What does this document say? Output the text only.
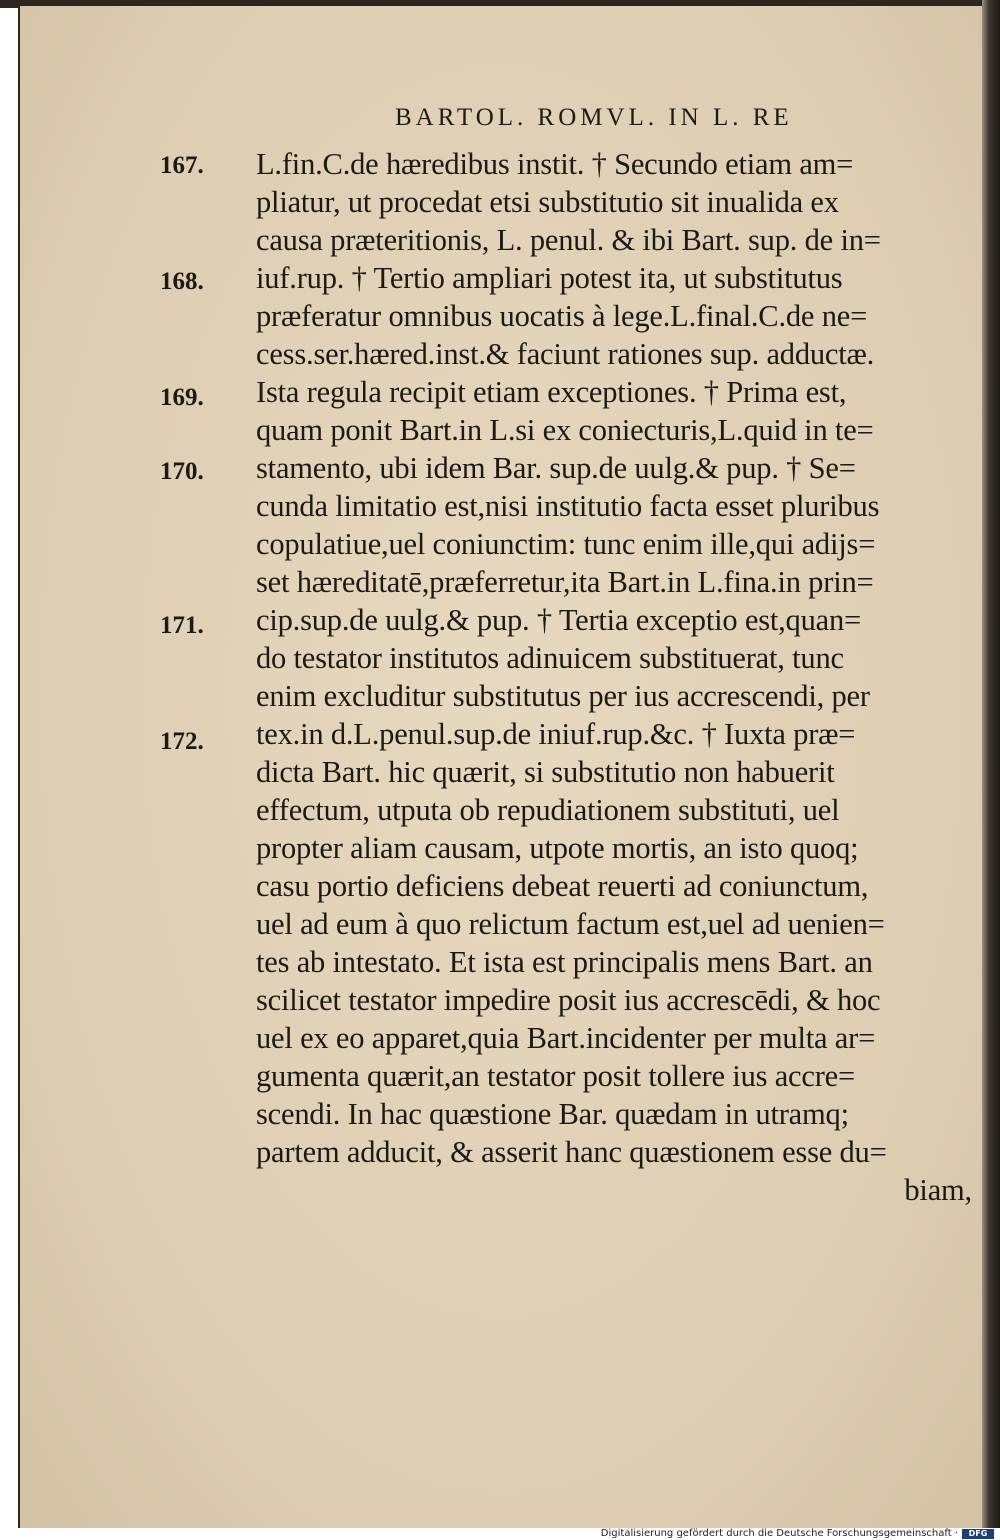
BARTOL. ROMVL. IN L. RE
167.
168.
169.
170.
171.
172.
L.fin.C.de hæredibus instit. † Secundo etiam am=
pliatur, ut procedat etsi substitutio sit inualida ex
causa præteritionis, L. penul. & ibi Bart. sup. de in=
iuf.rup. † Tertio ampliari potest ita, ut substitutus
præferatur omnibus uocatis à lege.L.final.C.de ne=
cess.ser.hæred.inst.& faciunt rationes sup. adductæ.
Ista regula recipit etiam exceptiones. † Prima est,
quam ponit Bart.in L.si ex coniecturis,L.quid in te=
stamento, ubi idem Bar. sup.de uulg.& pup. † Se=
cunda limitatio est,nisi institutio facta esset pluribus
copulatiue,uel coniunctim: tunc enim ille,qui adijs=
set hæreditatē,præferretur,ita Bart.in L.fina.in prin=
cip.sup.de uulg.& pup. † Tertia exceptio est,quan=
do testator institutos adinuicem substituerat, tunc
enim excluditur substitutus per ius accrescendi, per
tex.in d.L.penul.sup.de iniuf.rup.&c. † Iuxta præ=
dicta Bart. hic quærit, si substitutio non habuerit
effectum, utputa ob repudiationem substituti, uel
propter aliam causam, utpote mortis, an isto quoq;
casu portio deficiens debeat reuerti ad coniunctum,
uel ad eum à quo relictum factum est,uel ad uenien=
tes ab intestato. Et ista est principalis mens Bart. an
scilicet testator impedire posit ius accrescēdi, & hoc
uel ex eo apparet,quia Bart.incidenter per multa ar=
gumenta quærit,an testator posit tollere ius accre=
scendi. In hac quæstione Bar. quædam in utramq;
partem adducit, & asserit hanc quæstionem esse du=
biam,
Digitalisierung gefördert durch die Deutsche Forschungsgemeinschaft ·	DFG
